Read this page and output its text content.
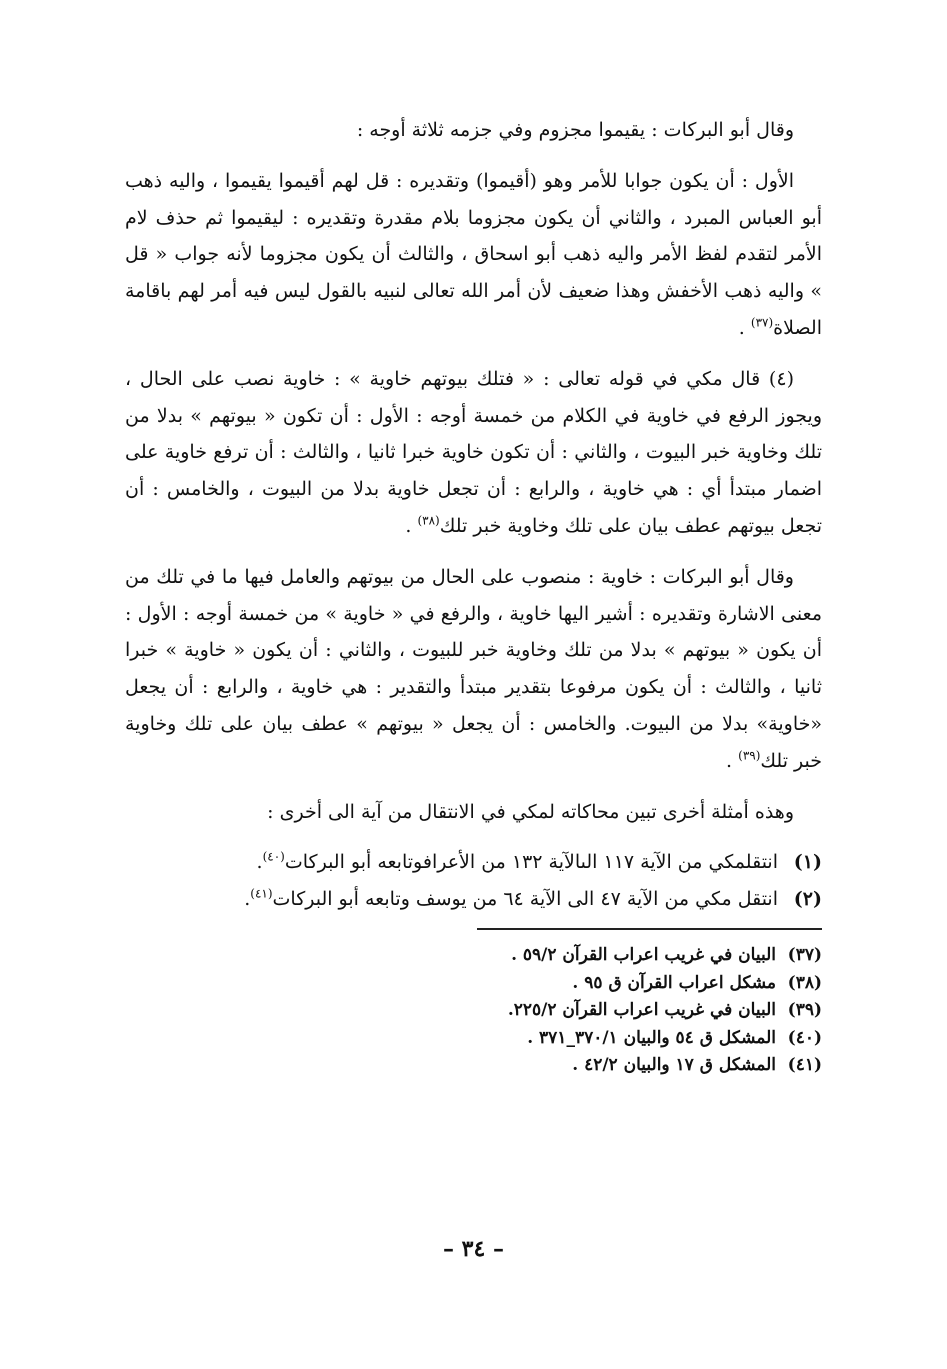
وقال أبو البركات : يقيموا مجزوم وفي جزمه ثلاثة أوجه :

الأول : أن يكون جوابا للأمر وهو (أقيموا) وتقديره : قل لهم أقيموا يقيموا ، واليه ذهب أبو العباس المبرد ، والثاني أن يكون مجزوما بلام مقدرة وتقديره : ليقيموا ثم حذف لام الأمر لتقدم لفظ الأمر واليه ذهب أبو اسحاق ، والثالث أن يكون مجزوما لأنه جواب « قل » واليه ذهب الأخفش وهذا ضعيف لأن أمر الله تعالى لنبيه بالقول ليس فيه أمر لهم باقامة الصلاة$^{(٣٧)}$ .

(٤) قال مكي في قوله تعالى : « فتلك بيوتهم خاوية » : خاوية نصب على الحال ، ويجوز الرفع في خاوية في الكلام من خمسة أوجه : الأول : أن تكون « بيوتهم » بدلا من تلك وخاوية خبر البيوت ، والثاني : أن تكون خاوية خبرا ثانيا ، والثالث : أن ترفع خاوية على اضمار مبتدأ أي : هي خاوية ، والرابع : أن تجعل خاوية بدلا من البيوت ، والخامس : أن تجعل بيوتهم عطف بيان على تلك وخاوية خبر تلك$^{(٣٨)}$ .

وقال أبو البركات : خاوية : منصوب على الحال من بيوتهم والعامل فيها ما في تلك من معنى الاشارة وتقديره : أشير اليها خاوية ، والرفع في « خاوية » من خمسة أوجه : الأول : أن يكون « بيوتهم » بدلا من تلك وخاوية خبر للبيوت ، والثاني : أن يكون « خاوية » خبرا ثانيا ، والثالث : أن يكون مرفوعا بتقدير مبتدأ والتقدير : هي خاوية ، والرابع : أن يجعل «خاوية» بدلا من البيوت. والخامس : أن يجعل « بيوتهم » عطف بيان على تلك وخاوية خبر تلك$^{(٣٩)}$ .

وهذه أمثلة أخرى تبين محاكاته لمكي في الانتقال من آية الى أخرى :

(١)
انتقلمكي من الآية ١١٧ الىالآية ١٣٢ من الأعرافوتابعه أبو البركات$^{(٤٠)}$.
(٢)
انتقل مكي من الآية ٤٧ الى الآية ٦٤ من يوسف وتابعه أبو البركات$^{(٤١)}$.
(٣٧)
البيان في غريب اعراب القرآن ٥٩/٢ .
(٣٨)
مشكل اعراب القرآن ق ٩٥ .
(٣٩)
البيان في غريب اعراب القرآن ٢٢٥/٢.
(٤٠)
المشكل ق ٥٤ والبيان ٣٧٠/١_٣٧١ .
(٤١)
المشكل ق ١٧ والبيان ٤٢/٢ .
– ٣٤ –
